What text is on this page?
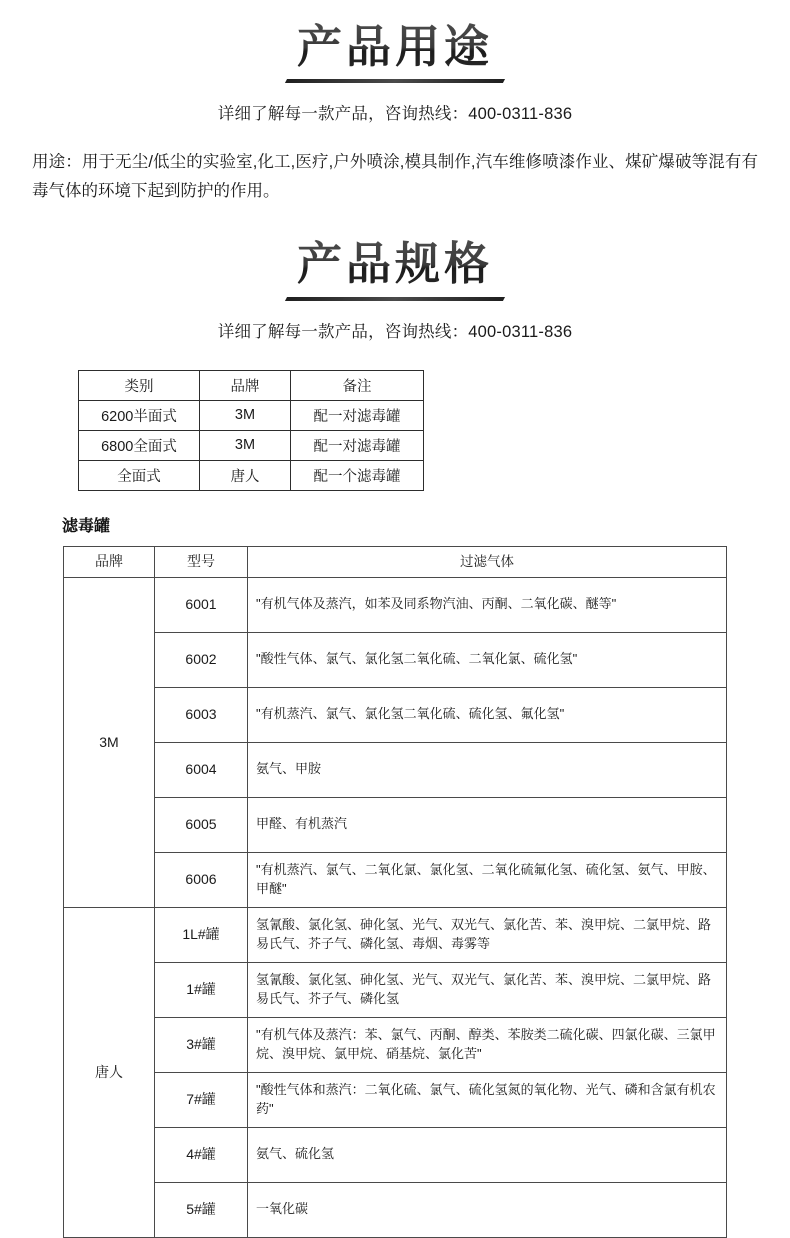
产品用途
详细了解每一款产品，咨询热线：400-0311-836

用途：用于无尘/低尘的实验室,化工,医疗,户外喷涂,模具制作,汽车维修喷漆作业、煤矿爆破等混有有毒气体的环境下起到防护的作用。

产品规格
详细了解每一款产品，咨询热线：400-0311-836
类别	品牌	备注
6200半面式	3M	配一对滤毒罐
6800全面式	3M	配一对滤毒罐
全面式	唐人	配一个滤毒罐
滤毒罐
品牌	型号	过滤气体
3M	6001	"有机气体及蒸汽，如苯及同系物汽油、丙酮、二氧化碳、醚等"
	6002	"酸性气体、氯气、氯化氢二氧化硫、二氧化氯、硫化氢"
	6003	"有机蒸汽、氯气、氯化氢二氧化硫、硫化氢、氟化氢"
	6004	氨气、甲胺
	6005	甲醛、有机蒸汽
	6006	"有机蒸汽、氯气、二氧化氯、氯化氢、二氧化硫氟化氢、硫化氢、氨气、甲胺、甲醚"
唐人	1L#罐	氢氰酸、氯化氢、砷化氢、光气、双光气、氯化苦、苯、溴甲烷、二氯甲烷、路易氏气、芥子气、磷化氢、毒烟、毒雾等
	1#罐	氢氰酸、氯化氢、砷化氢、光气、双光气、氯化苦、苯、溴甲烷、二氯甲烷、路易氏气、芥子气、磷化氢
	3#罐	"有机气体及蒸汽：苯、氯气、丙酮、醇类、苯胺类二硫化碳、四氯化碳、三氯甲烷、溴甲烷、氯甲烷、硝基烷、氯化苦"
	7#罐	"酸性气体和蒸汽：二氧化硫、氯气、硫化氢氮的氧化物、光气、磷和含氯有机农药"
	4#罐	氨气、硫化氢
	5#罐	一氧化碳
